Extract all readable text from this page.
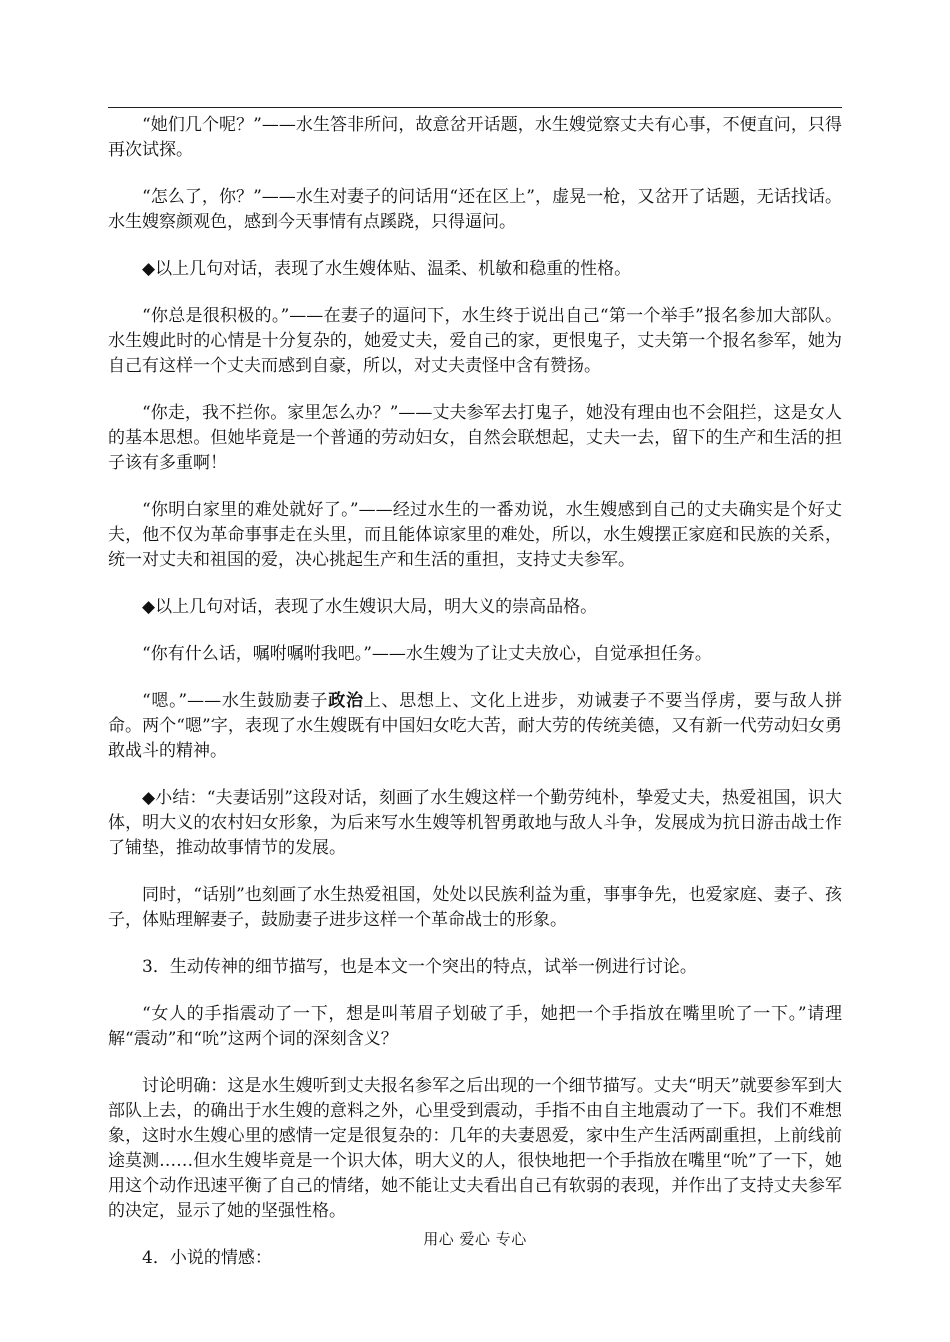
“她们几个呢？”——水生答非所问，故意岔开话题，水生嫂觉察丈夫有心事，不便直问，只得再次试探。

“怎么了，你？”——水生对妻子的问话用“还在区上”，虚晃一枪，又岔开了话题，无话找话。水生嫂察颜观色，感到今天事情有点蹊跷，只得逼问。

◆以上几句对话，表现了水生嫂体贴、温柔、机敏和稳重的性格。

“你总是很积极的。”——在妻子的逼问下，水生终于说出自己“第一个举手”报名参加大部队。水生嫂此时的心情是十分复杂的，她爱丈夫，爱自己的家，更恨鬼子，丈夫第一个报名参军，她为自己有这样一个丈夫而感到自豪，所以，对丈夫责怪中含有赞扬。

“你走，我不拦你。家里怎么办？”——丈夫参军去打鬼子，她没有理由也不会阻拦，这是女人的基本思想。但她毕竟是一个普通的劳动妇女，自然会联想起，丈夫一去，留下的生产和生活的担子该有多重啊！

“你明白家里的难处就好了。”——经过水生的一番劝说，水生嫂感到自己的丈夫确实是个好丈夫，他不仅为革命事事走在头里，而且能体谅家里的难处，所以，水生嫂摆正家庭和民族的关系，统一对丈夫和祖国的爱，决心挑起生产和生活的重担，支持丈夫参军。

◆以上几句对话，表现了水生嫂识大局，明大义的崇高品格。

“你有什么话，嘱咐嘱咐我吧。”——水生嫂为了让丈夫放心，自觉承担任务。

“嗯。”——水生鼓励妻子政治上、思想上、文化上进步，劝诫妻子不要当俘虏，要与敌人拼命。两个“嗯”字，表现了水生嫂既有中国妇女吃大苦，耐大劳的传统美德，又有新一代劳动妇女勇敢战斗的精神。

◆小结：“夫妻话别”这段对话，刻画了水生嫂这样一个勤劳纯朴，挚爱丈夫，热爱祖国，识大体，明大义的农村妇女形象，为后来写水生嫂等机智勇敢地与敌人斗争，发展成为抗日游击战士作了铺垫，推动故事情节的发展。

同时，“话别”也刻画了水生热爱祖国，处处以民族利益为重，事事争先，也爱家庭、妻子、孩子，体贴理解妻子，鼓励妻子进步这样一个革命战士的形象。

3．生动传神的细节描写，也是本文一个突出的特点，试举一例进行讨论。

“女人的手指震动了一下，想是叫苇眉子划破了手，她把一个手指放在嘴里吮了一下。”请理解“震动”和“吮”这两个词的深刻含义？

讨论明确：这是水生嫂听到丈夫报名参军之后出现的一个细节描写。丈夫“明天”就要参军到大部队上去，的确出于水生嫂的意料之外，心里受到震动，手指不由自主地震动了一下。我们不难想象，这时水生嫂心里的感情一定是很复杂的：几年的夫妻恩爱，家中生产生活两副重担，上前线前途莫测……但水生嫂毕竟是一个识大体，明大义的人，很快地把一个手指放在嘴里“吮”了一下，她用这个动作迅速平衡了自己的情绪，她不能让丈夫看出自己有软弱的表现，并作出了支持丈夫参军的决定，显示了她的坚强性格。

4．小说的情感：

用心 爱心 专心
